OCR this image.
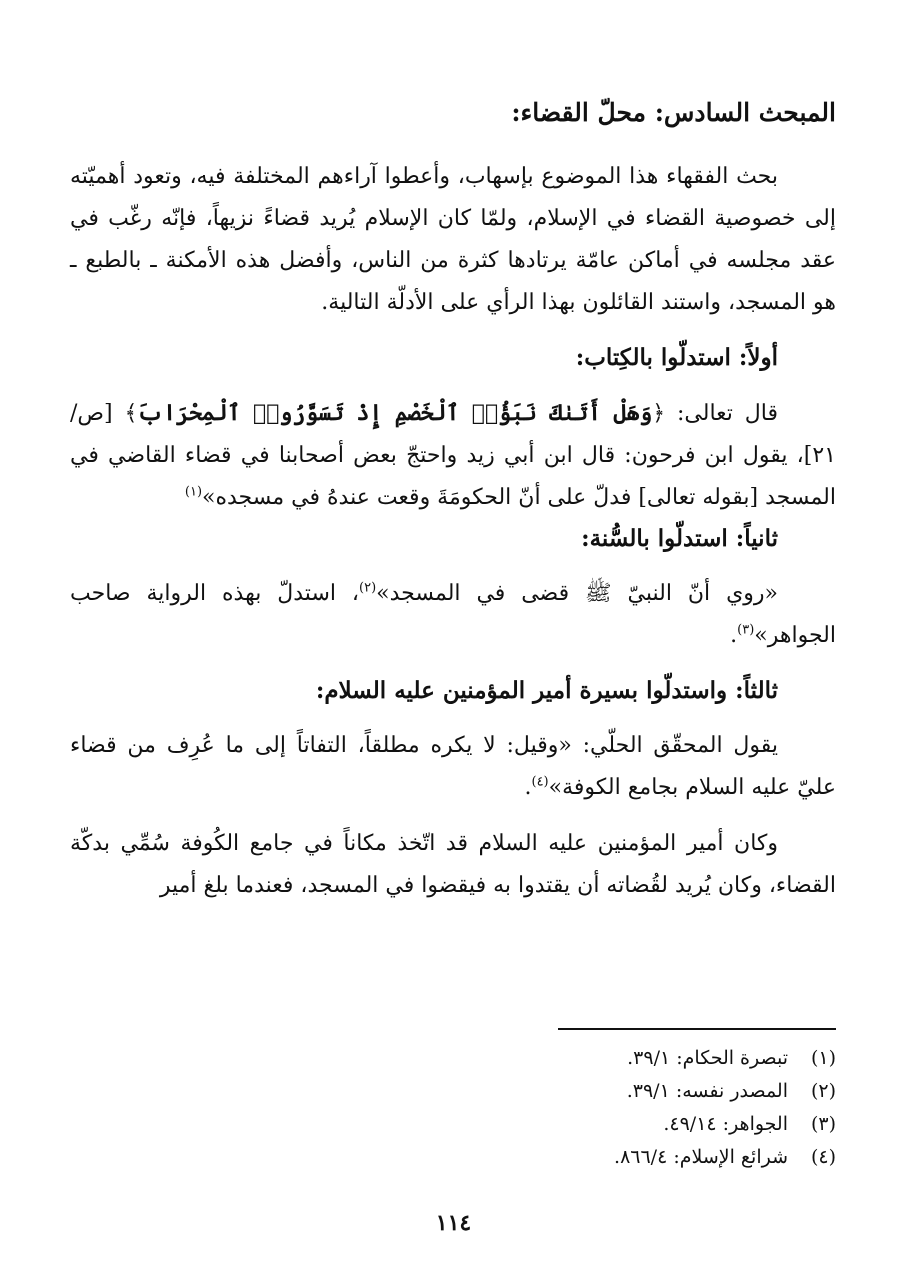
المبحث السادس: محلّ القضاء:

بحث الفقهاء هذا الموضوع بإسهاب، وأعطوا آراءهم المختلفة فيه، وتعود أهميّته إلى خصوصية القضاء في الإسلام، ولمّا كان الإسلام يُريد قضاءً نزيهاً، فإنّه رغّب في عقد مجلسه في أماكن عامّة يرتادها كثرة من الناس، وأفضل هذه الأمكنة ـ بالطبع ـ هو المسجد، واستند القائلون بهذا الرأي على الأدلّة التالية.

أولاً: استدلّوا بالكِتاب:

قال تعالى: ﴿وَهَلْ أَتَىٰكَ نَبَؤُا۟ ٱلْخَصْمِ إِذْ تَسَوَّرُوا۟ ٱلْمِحْرَابَ﴾ [ص/ ٢١]، يقول ابن فرحون: قال ابن أبي زيد واحتجّ بعض أصحابنا في قضاء القاضي في المسجد [بقوله تعالى] فدلّ على أنّ الحكومَةَ وقعت عندهُ في مسجده»$^{(١)}$

ثانياً: استدلّوا بالسُّنة:

«روي أنّ النبيّ ﷺ قضى في المسجد»$^{(٢)}$، استدلّ بهذه الرواية صاحب الجواهر»$^{(٣)}$.

ثالثاً: واستدلّوا بسيرة أمير المؤمنين عليه السلام:

يقول المحقّق الحلّي: «وقيل: لا يكره مطلقاً، التفاتاً إلى ما عُرِف من قضاء عليّ عليه السلام بجامع الكوفة»$^{(٤)}$.

وكان أمير المؤمنين عليه السلام قد اتّخذ مكاناً في جامع الكُوفة سُمِّي بدكّة القضاء، وكان يُريد لقُضاته أن يقتدوا به فيقضوا في المسجد، فعندما بلغ أمير

(١)تبصرة الحكام: ٣٩/١.
(٢)المصدر نفسه: ٣٩/١.
(٣)الجواهر: ٤٩/١٤.
(٤)شرائع الإسلام: ٨٦٦/٤.
١١٤
